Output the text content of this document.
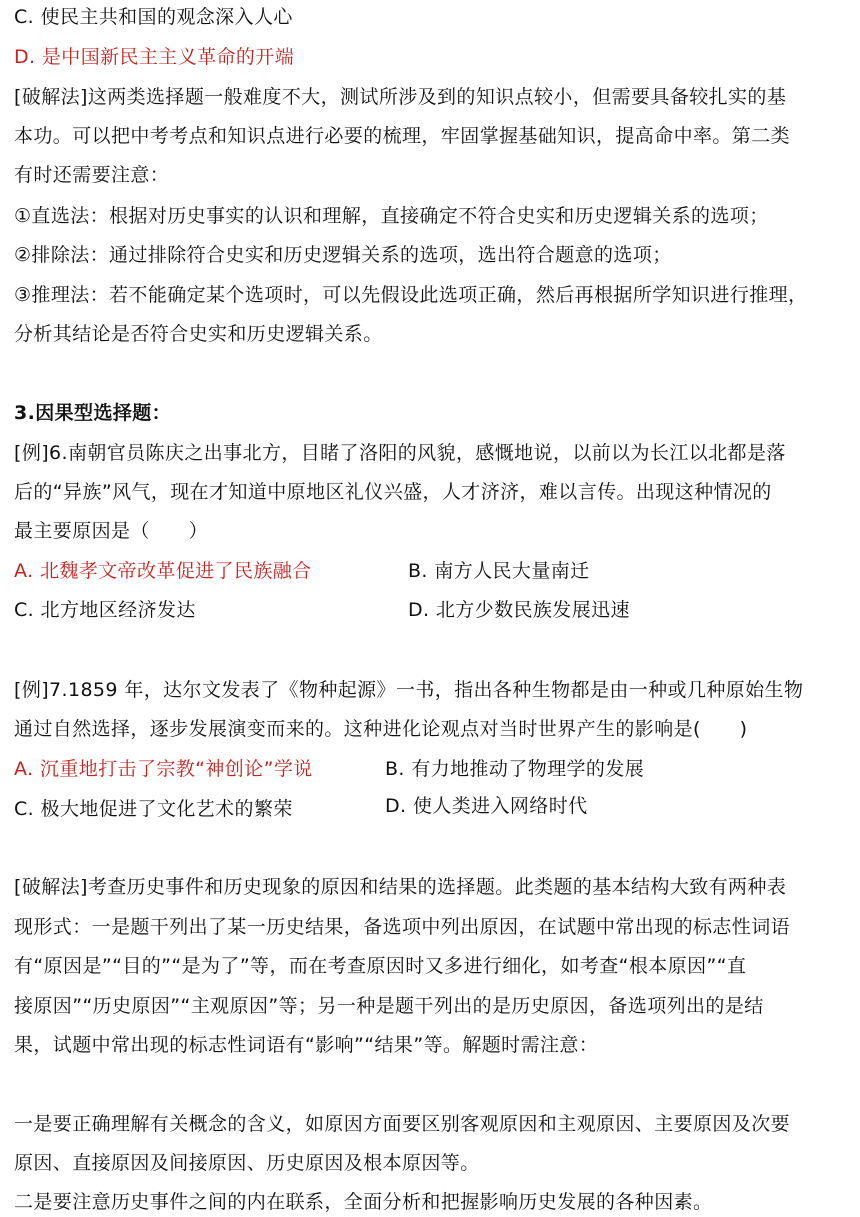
C. 使民主共和国的观念深入人心
D. 是中国新民主主义革命的开端
[破解法]这两类选择题一般难度不大，测试所涉及到的知识点较小，但需要具备较扎实的基
本功。可以把中考考点和知识点进行必要的梳理，牢固掌握基础知识，提高命中率。第二类
有时还需要注意：
①直选法：根据对历史事实的认识和理解，直接确定不符合史实和历史逻辑关系的选项；
②排除法：通过排除符合史实和历史逻辑关系的选项，选出符合题意的选项；
③推理法：若不能确定某个选项时，可以先假设此选项正确，然后再根据所学知识进行推理，
分析其结论是否符合史实和历史逻辑关系。
3.因果型选择题：
[例]6.南朝官员陈庆之出事北方，目睹了洛阳的风貌，感慨地说，以前以为长江以北都是落
后的“异族”风气，现在才知道中原地区礼仪兴盛，人才济济，难以言传。出现这种情况的
最主要原因是（　　）
A. 北魏孝文帝改革促进了民族融合	B. 南方人民大量南迁
C. 北方地区经济发达	D. 北方少数民族发展迅速
[例]7.1859 年，达尔文发表了《物种起源》一书，指出各种生物都是由一种或几种原始生物
通过自然选择，逐步发展演变而来的。这种进化论观点对当时世界产生的影响是(　　)
A. 沉重地打击了宗教“神创论”学说	B. 有力地推动了物理学的发展
C. 极大地促进了文化艺术的繁荣	D. 使人类进入网络时代
[破解法]考查历史事件和历史现象的原因和结果的选择题。此类题的基本结构大致有两种表
现形式：一是题干列出了某一历史结果，备选项中列出原因，在试题中常出现的标志性词语
有“原因是”“目的”“是为了”等，而在考查原因时又多进行细化，如考查“根本原因”“直
接原因”“历史原因”“主观原因”等；另一种是题干列出的是历史原因，备选项列出的是结
果，试题中常出现的标志性词语有“影响”“结果”等。解题时需注意：
一是要正确理解有关概念的含义，如原因方面要区别客观原因和主观原因、主要原因及次要
原因、直接原因及间接原因、历史原因及根本原因等。
二是要注意历史事件之间的内在联系，全面分析和把握影响历史发展的各种因素。
